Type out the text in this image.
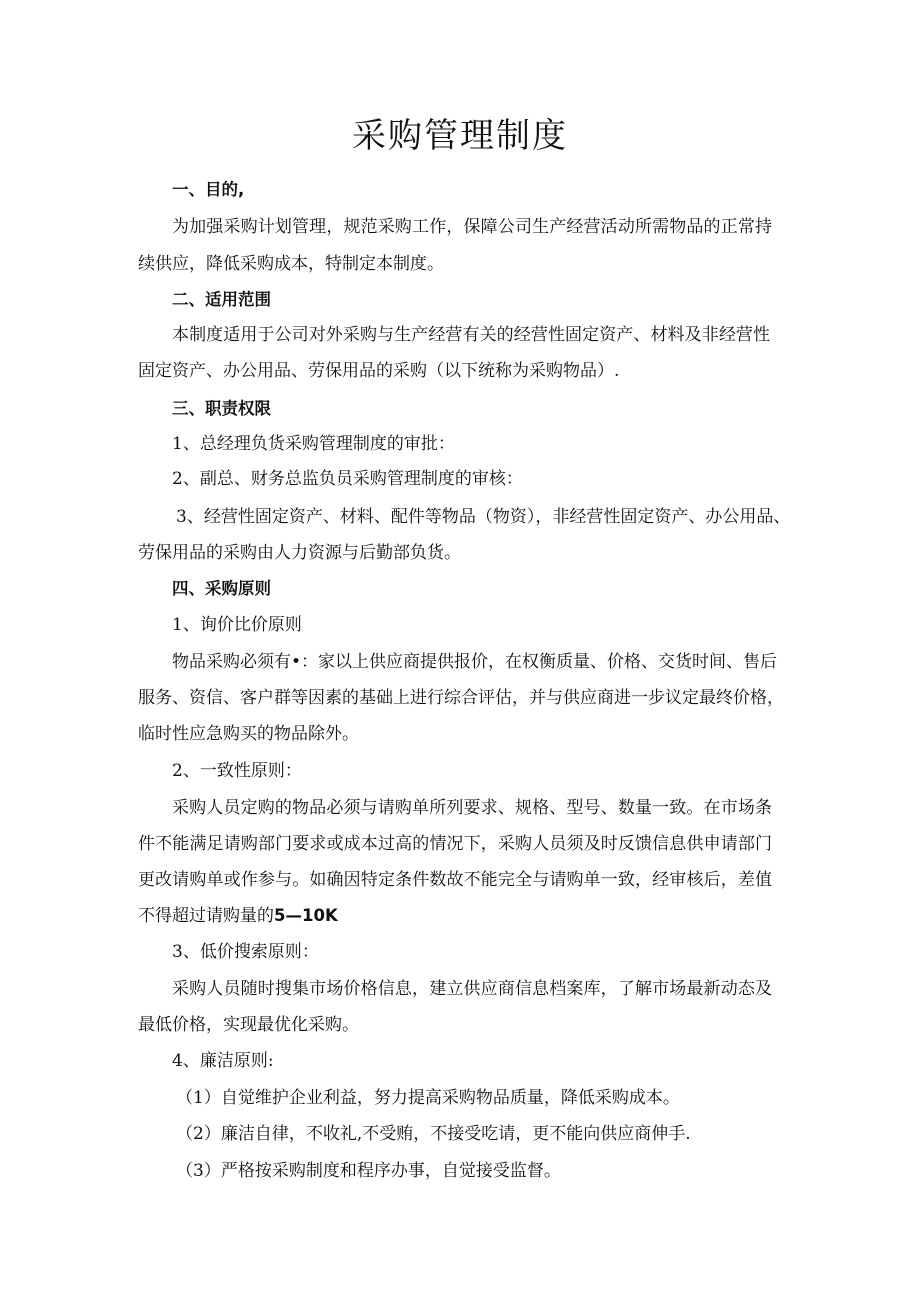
采购管理制度

一、目的,

为加强采购计划管理，规范采购工作，保障公司生产经营活动所需物品的正常持

续供应，降低采购成本，特制定本制度。

二、适用范围

本制度适用于公司对外采购与生产经营有关的经营性固定资产、材料及非经营性

固定资产、办公用品、劳保用品的采购（以下统称为采购物品）.

三、职责权限

1、总经理负货采购管理制度的审批：

2、副总、财务总监负员采购管理制度的审核：

3、经营性固定资产、材料、配件等物品（物资），非经营性固定资产、办公用品、

劳保用品的采购由人力资源与后勤部负货。

四、采购原则

1、询价比价原则

物品采购必须有•：家以上供应商提供报价，在权衡质量、价格、交货时间、售后

服务、资信、客户群等因素的基础上进行综合评估，并与供应商进一步议定最终价格，

临时性应急购买的物品除外。

2、一致性原则：

采购人员定购的物品必须与请购单所列要求、规格、型号、数量一致。在市场条

件不能满足请购部门要求或成本过高的情况下，采购人员须及时反馈信息供申请部门

更改请购单或作参与。如确因特定条件数故不能完全与请购单一致，经审核后，差值

不得超过请购量的5—10K

3、低价搜索原则：

采购人员随时搜集市场价格信息，建立供应商信息档案库，了解市场最新动态及

最低价格，实现最优化采购。

4、廉洁原则:

（1）自觉维护企业利益，努力提高采购物品质量，降低采购成本。

（2）廉洁自律，不收礼,不受贿，不接受吃请，更不能向供应商伸手.

（3）严格按采购制度和程序办事，自觉接受监督。
